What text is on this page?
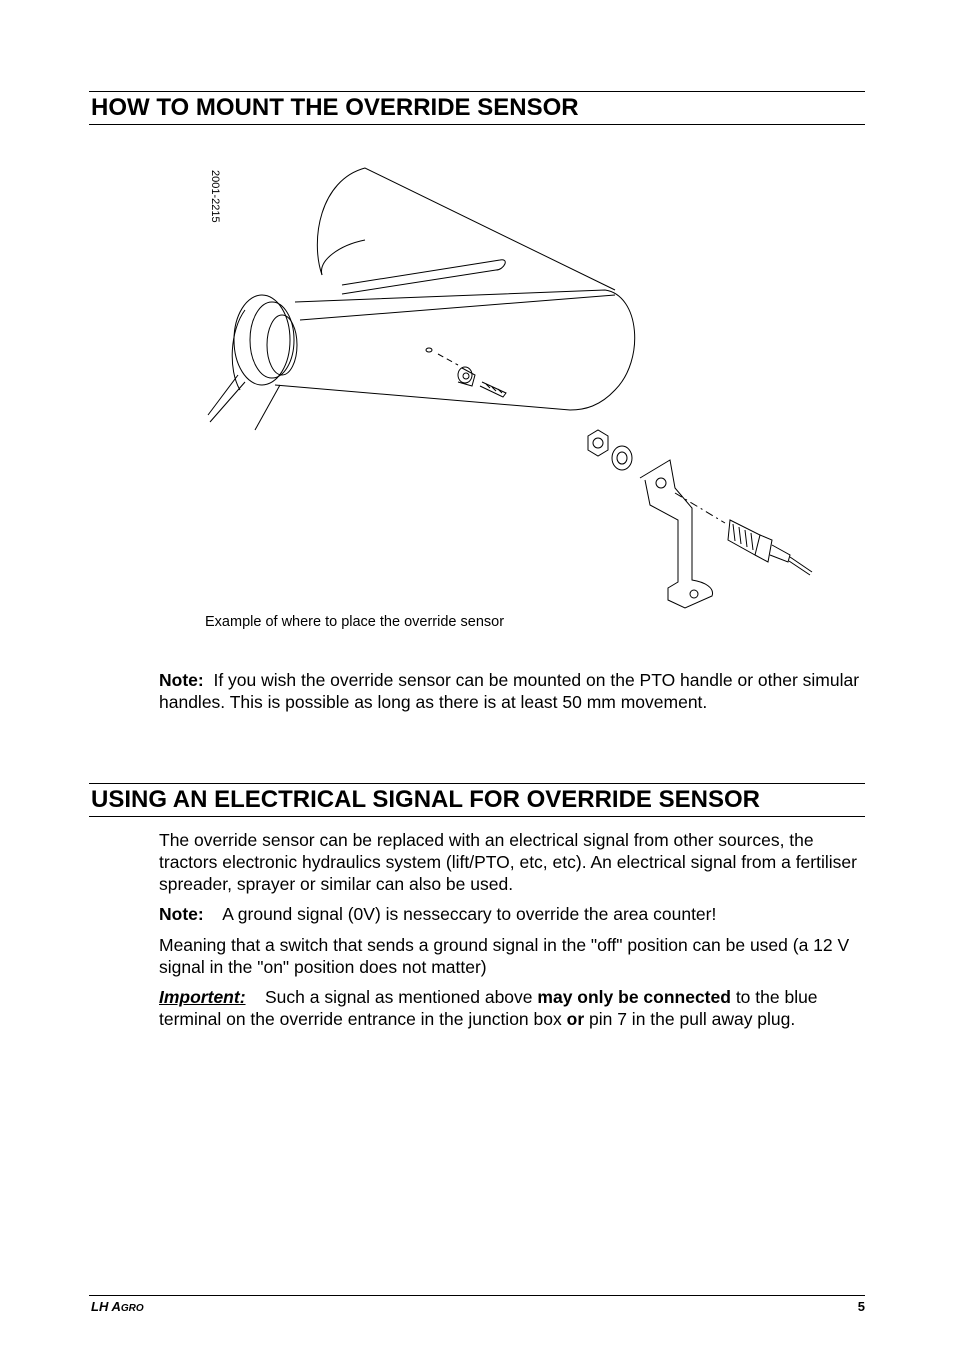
HOW TO MOUNT THE OVERRIDE SENSOR
2001-2215
Example of where to place the override sensor
Note: If you wish the override sensor can be mounted on the PTO handle or other simular handles. This is possible as long as there is at least 50 mm movement.
USING AN ELECTRICAL SIGNAL FOR OVERRIDE SENSOR
The override sensor can be replaced with an electrical signal from other sources, the tractors electronic hydraulics system (lift/PTO, etc, etc). An electrical signal from a fertiliser spreader, sprayer or similar can also be used.
Note: A ground signal (0V) is nesseccary to override the area counter!
Meaning that a switch that sends a ground signal in the "off" position can be used (a 12 V signal in the "on" position does not matter)
Importent: Such a signal as mentioned above may only be connected to the blue terminal on the override entrance in the junction box or pin 7 in the pull away plug.
LH AGRO	5
